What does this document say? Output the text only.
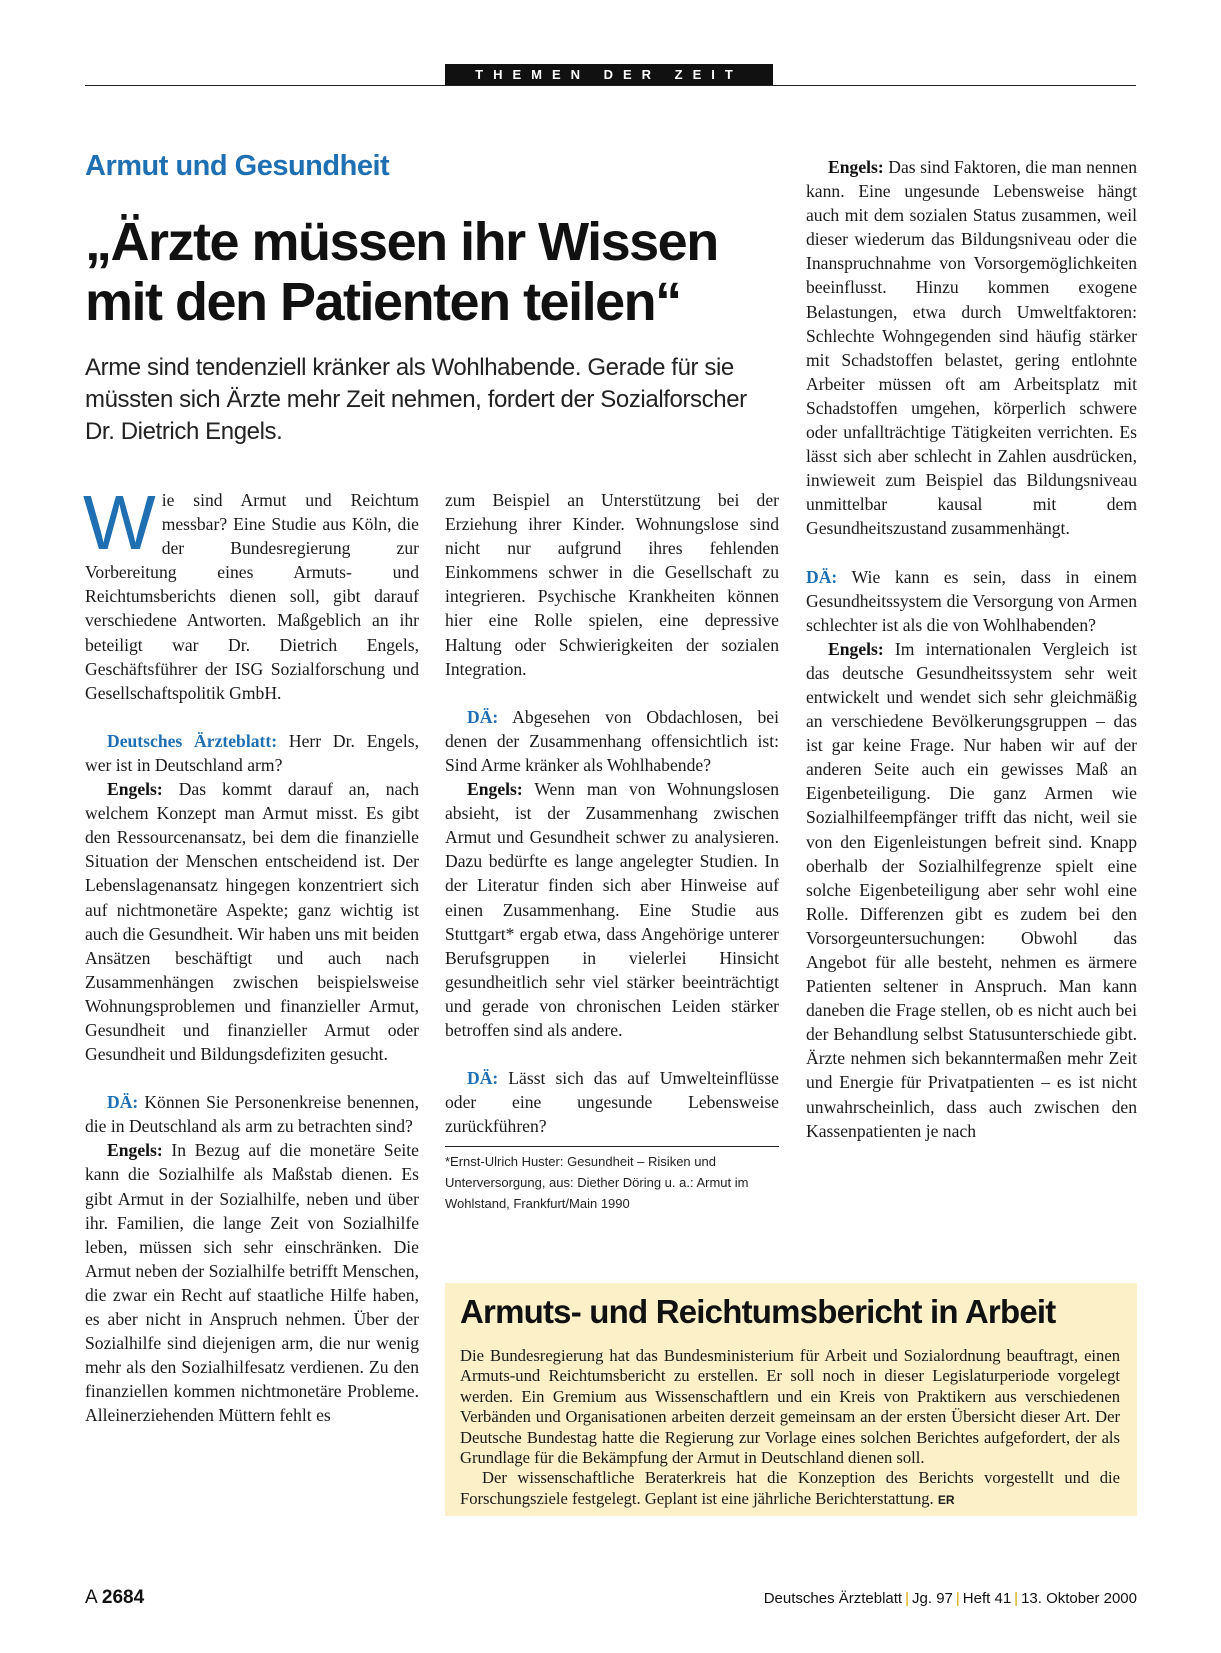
THEMEN DER ZEIT
Armut und Gesundheit
„Ärzte müssen ihr Wissen
mit den Patienten teilen“
Arme sind tendenziell kränker als Wohlhabende. Gerade für sie müssten sich Ärzte mehr Zeit nehmen, fordert der Sozialforscher Dr. Dietrich Engels.

Wie sind Armut und Reichtum messbar? Eine Studie aus Köln, die der Bundesregierung zur Vorbereitung eines Armuts- und Reichtumsberichts dienen soll, gibt darauf verschiedene Antworten. Maßgeblich an ihr beteiligt war Dr. Dietrich Engels, Geschäftsführer der ISG Sozialforschung und Gesellschaftspolitik GmbH.

Deutsches Ärzteblatt: Herr Dr. Engels, wer ist in Deutschland arm?

Engels: Das kommt darauf an, nach welchem Konzept man Armut misst. Es gibt den Ressourcenansatz, bei dem die finanzielle Situation der Menschen entscheidend ist. Der Lebenslagenansatz hingegen konzentriert sich auf nichtmonetäre Aspekte; ganz wichtig ist auch die Gesundheit. Wir haben uns mit beiden Ansätzen beschäftigt und auch nach Zusammenhängen zwischen beispielsweise Wohnungsproblemen und finanzieller Armut, Gesundheit und finanzieller Armut oder Gesundheit und Bildungsdefiziten gesucht.

DÄ: Können Sie Personenkreise benennen, die in Deutschland als arm zu betrachten sind?

Engels: In Bezug auf die monetäre Seite kann die Sozialhilfe als Maßstab dienen. Es gibt Armut in der Sozialhilfe, neben und über ihr. Familien, die lange Zeit von Sozialhilfe leben, müssen sich sehr einschränken. Die Armut neben der Sozialhilfe betrifft Menschen, die zwar ein Recht auf staatliche Hilfe haben, es aber nicht in Anspruch nehmen. Über der Sozialhilfe sind diejenigen arm, die nur wenig mehr als den Sozialhilfesatz verdienen. Zu den finanziellen kommen nichtmonetäre Probleme. Alleinerziehenden Müttern fehlt es

zum Beispiel an Unterstützung bei der Erziehung ihrer Kinder. Wohnungslose sind nicht nur aufgrund ihres fehlenden Einkommens schwer in die Gesellschaft zu integrieren. Psychische Krankheiten können hier eine Rolle spielen, eine depressive Haltung oder Schwierigkeiten der sozialen Integration.

DÄ: Abgesehen von Obdachlosen, bei denen der Zusammenhang offensichtlich ist: Sind Arme kränker als Wohlhabende?

Engels: Wenn man von Wohnungslosen absieht, ist der Zusammenhang zwischen Armut und Gesundheit schwer zu analysieren. Dazu bedürfte es lange angelegter Studien. In der Literatur finden sich aber Hinweise auf einen Zusammenhang. Eine Studie aus Stuttgart* ergab etwa, dass Angehörige unterer Berufsgruppen in vielerlei Hinsicht gesundheitlich sehr viel stärker beeinträchtigt und gerade von chronischen Leiden stärker betroffen sind als andere.

DÄ: Lässt sich das auf Umwelteinflüsse oder eine ungesunde Lebensweise zurückführen?

*Ernst-Ulrich Huster: Gesundheit – Risiken und Unterversorgung, aus: Diether Döring u. a.: Armut im Wohlstand, Frankfurt/Main 1990

Engels: Das sind Faktoren, die man nennen kann. Eine ungesunde Lebensweise hängt auch mit dem sozialen Status zusammen, weil dieser wiederum das Bildungsniveau oder die Inanspruchnahme von Vorsorgemöglichkeiten beeinflusst. Hinzu kommen exogene Belastungen, etwa durch Umweltfaktoren: Schlechte Wohngegenden sind häufig stärker mit Schadstoffen belastet, gering entlohnte Arbeiter müssen oft am Arbeitsplatz mit Schadstoffen umgehen, körperlich schwere oder unfallträchtige Tätigkeiten verrichten. Es lässt sich aber schlecht in Zahlen ausdrücken, inwieweit zum Beispiel das Bildungsniveau unmittelbar kausal mit dem Gesundheitszustand zusammenhängt.

DÄ: Wie kann es sein, dass in einem Gesundheitssystem die Versorgung von Armen schlechter ist als die von Wohlhabenden?

Engels: Im internationalen Vergleich ist das deutsche Gesundheitssystem sehr weit entwickelt und wendet sich sehr gleichmäßig an verschiedene Bevölkerungsgruppen – das ist gar keine Frage. Nur haben wir auf der anderen Seite auch ein gewisses Maß an Eigenbeteiligung. Die ganz Armen wie Sozialhilfeempfänger trifft das nicht, weil sie von den Eigenleistungen befreit sind. Knapp oberhalb der Sozialhilfegrenze spielt eine solche Eigenbeteiligung aber sehr wohl eine Rolle. Differenzen gibt es zudem bei den Vorsorgeuntersuchungen: Obwohl das Angebot für alle besteht, nehmen es ärmere Patienten seltener in Anspruch. Man kann daneben die Frage stellen, ob es nicht auch bei der Behandlung selbst Statusunterschiede gibt. Ärzte nehmen sich bekanntermaßen mehr Zeit und Energie für Privatpatienten – es ist nicht unwahrscheinlich, dass auch zwischen den Kassenpatienten je nach

Armuts- und Reichtumsbericht in Arbeit

Die Bundesregierung hat das Bundesministerium für Arbeit und Sozialordnung beauftragt, einen Armuts-und Reichtumsbericht zu erstellen. Er soll noch in dieser Legislaturperiode vorgelegt werden. Ein Gremium aus Wissenschaftlern und ein Kreis von Praktikern aus verschiedenen Verbänden und Organisationen arbeiten derzeit gemeinsam an der ersten Übersicht dieser Art. Der Deutsche Bundestag hatte die Regierung zur Vorlage eines solchen Berichtes aufgefordert, der als Grundlage für die Bekämpfung der Armut in Deutschland dienen soll.

Der wissenschaftliche Beraterkreis hat die Konzeption des Berichts vorgestellt und die Forschungsziele festgelegt. Geplant ist eine jährliche Berichterstattung. ER

A 2684	Deutsches Ärzteblatt | Jg. 97 | Heft 41 | 13. Oktober 2000
